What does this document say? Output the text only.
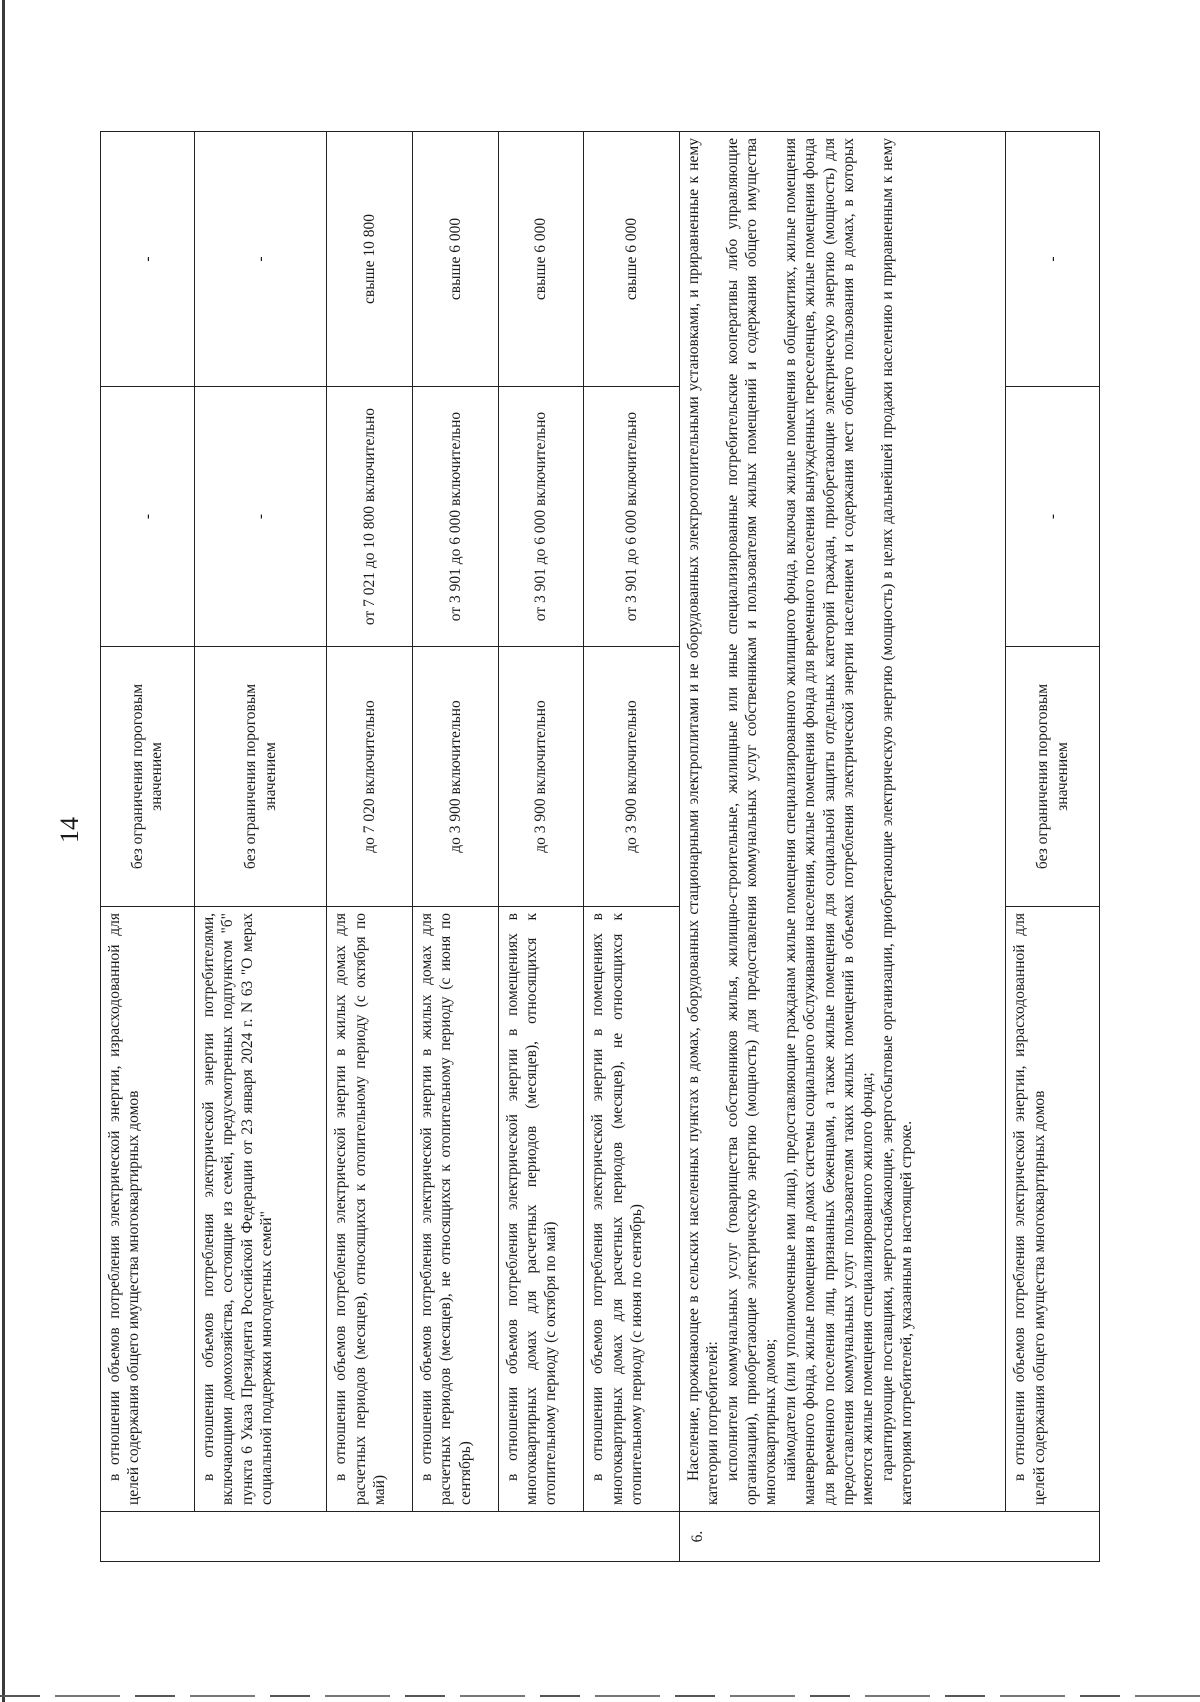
14
	в отношении объемов потребления электрической энергии, израсходованной для целей содержания общего имущества многоквартирных домов	без ограничения пороговым значением	-	-
	в отношении объемов потребления электрической энергии потребителями, включающими домохозяйства, состоящие из семей, предусмотренных подпунктом "б" пункта 6 Указа Президента Российской Федерации от 23 января 2024 г. N 63 "О мерах социальной поддержки многодетных семей"	без ограничения пороговым значением	-	-
	в отношении объемов потребления электрической энергии в жилых домах для расчетных периодов (месяцев), относящихся к отопительному периоду (с октября по май)	до 7 020 включительно	от 7 021 до 10 800 включительно	свыше 10 800
	в отношении объемов потребления электрической энергии в жилых домах для расчетных периодов (месяцев), не относящихся к отопительному периоду (с июня по сентябрь)	до 3 900 включительно	от 3 901 до 6 000 включительно	свыше 6 000
	в отношении объемов потребления электрической энергии в помещениях в многоквартирных домах для расчетных периодов (месяцев), относящихся к отопительному периоду (с октября по май)	до 3 900 включительно	от 3 901 до 6 000 включительно	свыше 6 000
	в отношении объемов потребления электрической энергии в помещениях в многоквартирных домах для расчетных периодов (месяцев), не относящихся к отопительному периоду (с июня по сентябрь)	до 3 900 включительно	от 3 901 до 6 000 включительно	свыше 6 000
6.	Население, проживающее в сельских населенных пунктах в домах, оборудованных стационарными электроплитами и не оборудованных электроотопительными установками, и приравненные к нему категории потребителей: исполнители коммунальных услуг (товарищества собственников жилья, жилищно-строительные, жилищные или иные специализированные потребительские кооперативы либо управляющие организации), приобретающие электрическую энергию (мощность) для предоставления коммунальных услуг собственникам и пользователям жилых помещений и содержания общего имущества многоквартирных домов; наймодатели (или уполномоченные ими лица), предоставляющие гражданам жилые помещения специализированного жилищного фонда, включая жилые помещения в общежитиях, жилые помещения маневренного фонда, жилые помещения в домах системы социального обслуживания населения, жилые помещения фонда для временного поселения вынужденных переселенцев, жилые помещения фонда для временного поселения лиц, признанных беженцами, а также жилые помещения для социальной защиты отдельных категорий граждан, приобретающие электрическую энергию (мощность) для предоставления коммунальных услуг пользователям таких жилых помещений в объемах потребления электрической энергии населением и содержания мест общего пользования в домах, в которых имеются жилые помещения специализированного жилого фонда; гарантирующие поставщики, энергоснабжающие, энергосбытовые организации, приобретающие электрическую энергию (мощность) в целях дальнейшей продажи населению и приравненным к нему категориям потребителей, указанным в настоящей строке.			

	в отношении объемов потребления электрической энергии, израсходованной для целей содержания общего имущества многоквартирных домов	без ограничения пороговым значением	-	-
